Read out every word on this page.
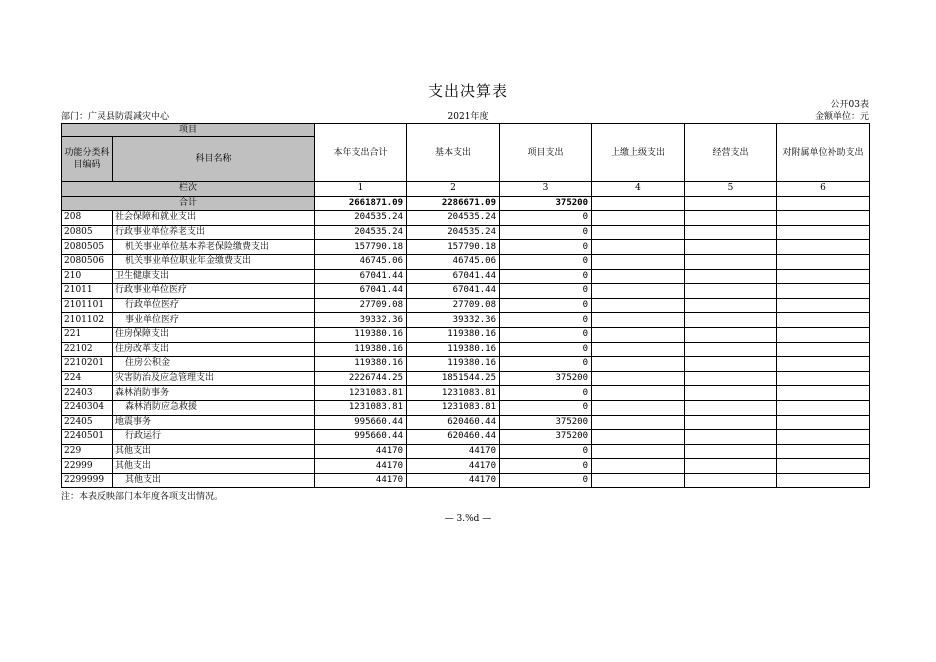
支出决算表
公开03表
部门：广灵县防震减灾中心	2021年度	金额单位：元
项目		本年支出合计	基本支出	项目支出	上缴上级支出	经营支出	对附属单位补助支出
功能分类科目编码	科目名称						
栏次		1	2	3	4	5	6
合计		2661871.09	2286671.09	375200			
208	社会保障和就业支出	204535.24	204535.24	0			
20805	行政事业单位养老支出	204535.24	204535.24	0			
2080505	机关事业单位基本养老保险缴费支出	157790.18	157790.18	0			
2080506	机关事业单位职业年金缴费支出	46745.06	46745.06	0			
210	卫生健康支出	67041.44	67041.44	0			
21011	行政事业单位医疗	67041.44	67041.44	0			
2101101	行政单位医疗	27709.08	27709.08	0			
2101102	事业单位医疗	39332.36	39332.36	0			
221	住房保障支出	119380.16	119380.16	0			
22102	住房改革支出	119380.16	119380.16	0			
2210201	住房公积金	119380.16	119380.16	0			
224	灾害防治及应急管理支出	2226744.25	1851544.25	375200			
22403	森林消防事务	1231083.81	1231083.81	0			
2240304	森林消防应急救援	1231083.81	1231083.81	0			
22405	地震事务	995660.44	620460.44	375200			
2240501	行政运行	995660.44	620460.44	375200			
229	其他支出	44170	44170	0			
22999	其他支出	44170	44170	0			
2299999	其他支出	44170	44170	0			
注：本表反映部门本年度各项支出情况。
— 3.%d —
